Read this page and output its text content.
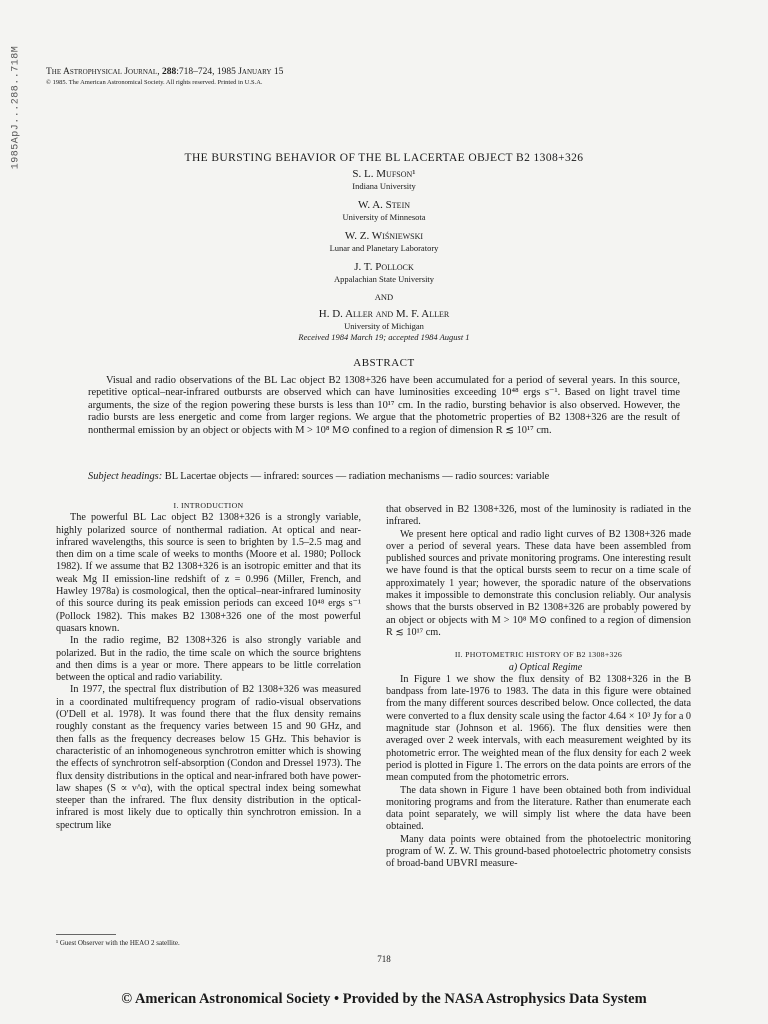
1985ApJ...288..718M	The Astrophysical Journal, 288:718–724, 1985 January 15
© 1985. The American Astronomical Society. All rights reserved. Printed in U.S.A.
THE BURSTING BEHAVIOR OF THE BL LACERTAE OBJECT B2 1308+326
S. L. Mufson¹
Indiana University
W. A. Stein
University of Minnesota
W. Z. Wiśniewski
Lunar and Planetary Laboratory
J. T. Pollock
Appalachian State University
AND
H. D. Aller and M. F. Aller
University of Michigan
Received 1984 March 19; accepted 1984 August 1
ABSTRACT
Visual and radio observations of the BL Lac object B2 1308+326 have been accumulated for a period of several years. In this source, repetitive optical–near-infrared outbursts are observed which can have luminosities exceeding 10⁴⁸ ergs s⁻¹. Based on light travel time arguments, the size of the region powering these bursts is less than 10¹⁷ cm. In the radio, bursting behavior is also observed. However, the radio bursts are less energetic and come from larger regions. We argue that the photometric properties of B2 1308+326 are the result of nonthermal emission by an object or objects with M > 10⁸ M⊙ confined to a region of dimension R ≲ 10¹⁷ cm.
Subject headings: BL Lacertae objects — infrared: sources — radiation mechanisms — radio sources: variable

I. INTRODUCTION

The powerful BL Lac object B2 1308+326 is a strongly variable, highly polarized source of nonthermal radiation. At optical and near-infrared wavelengths, this source is seen to brighten by 1.5–2.5 mag and then dim on a time scale of weeks to months (Moore et al. 1980; Pollock 1982). If we assume that B2 1308+326 is an isotropic emitter and that its weak Mg II emission-line redshift of z = 0.996 (Miller, French, and Hawley 1978a) is cosmological, then the optical–near-infrared luminosity of this source during its peak emission periods can exceed 10⁴⁸ ergs s⁻¹ (Pollock 1982). This makes B2 1308+326 one of the most powerful quasars known.

In the radio regime, B2 1308+326 is also strongly variable and polarized. But in the radio, the time scale on which the source brightens and then dims is a year or more. There appears to be little correlation between the optical and radio variability.

In 1977, the spectral flux distribution of B2 1308+326 was measured in a coordinated multifrequency program of radio-visual observations (O'Dell et al. 1978). It was found there that the flux density remains roughly constant as the frequency varies between 15 and 90 GHz, and then falls as the frequency decreases below 15 GHz. This behavior is characteristic of an inhomogeneous synchrotron emitter which is showing the effects of synchrotron self-absorption (Condon and Dressel 1973). The flux density distributions in the optical and near-infrared both have power-law shapes (S ∝ ν^α), with the optical spectral index being somewhat steeper than the infrared. The flux density distribution in the optical-infrared is most likely due to optically thin synchrotron emission. In a spectrum like

that observed in B2 1308+326, most of the luminosity is radiated in the infrared.

We present here optical and radio light curves of B2 1308+326 made over a period of several years. These data have been assembled from published sources and private monitoring programs. One interesting result we have found is that the optical bursts seem to recur on a time scale of approximately 1 year; however, the sporadic nature of the observations makes it impossible to demonstrate this conclusion reliably. Our analysis shows that the bursts observed in B2 1308+326 are probably powered by an object or objects with M > 10⁸ M⊙ confined to a region of dimension R ≲ 10¹⁷ cm.

II. PHOTOMETRIC HISTORY OF B2 1308+326

a) Optical Regime

In Figure 1 we show the flux density of B2 1308+326 in the B bandpass from late-1976 to 1983. The data in this figure were obtained from the many different sources described below. Once collected, the data were converted to a flux density scale using the factor 4.64 × 10³ Jy for a 0 magnitude star (Johnson et al. 1966). The flux densities were then averaged over 2 week intervals, with each measurement weighted by its photometric error. The weighted mean of the flux density for each 2 week period is plotted in Figure 1. The errors on the data points are errors of the mean computed from the photometric errors.

The data shown in Figure 1 have been obtained both from individual monitoring programs and from the literature. Rather than enumerate each data point separately, we will simply list where the data have been obtained.

Many data points were obtained from the photoelectric monitoring program of W. Z. W. This ground-based photoelectric photometry consists of broad-band UBVRI measure-

¹ Guest Observer with the HEAO 2 satellite.
718
© American Astronomical Society • Provided by the NASA Astrophysics Data System
